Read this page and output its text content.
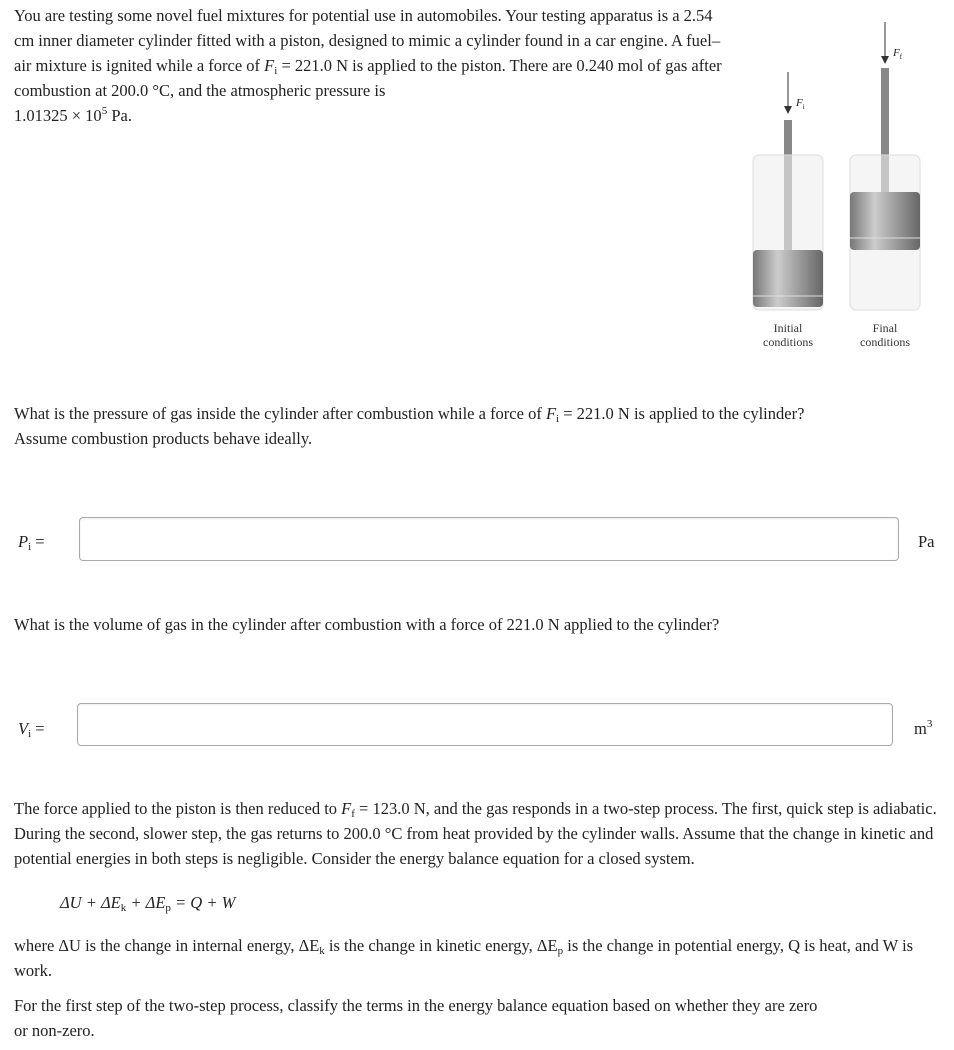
You are testing some novel fuel mixtures for potential use in automobiles. Your testing apparatus is a 2.54 cm inner diameter cylinder fitted with a piston, designed to mimic a cylinder found in a car engine. A fuel–air mixture is ignited while a force of $F_i = 221.0$ N is applied to the piston. There are 0.240 mol of gas after combustion at 200.0 °C, and the atmospheric pressure is
$1.01325 \times 10^5$ Pa.
$F_i$
$F_f$
Initial
conditions
Final
conditions
What is the pressure of gas inside the cylinder after combustion while a force of $F_i = 221.0$ N is applied to the cylinder?
Assume combustion products behave ideally.
$P_i$ =	Pa
What is the volume of gas in the cylinder after combustion with a force of 221.0 N applied to the cylinder?
$V_i$ =	$m^3$
The force applied to the piston is then reduced to $F_f = 123.0$ N, and the gas responds in a two-step process. The first, quick step is adiabatic. During the second, slower step, the gas returns to 200.0 °C from heat provided by the cylinder walls. Assume that the change in kinetic and potential energies in both steps is negligible. Consider the energy balance equation for a closed system.
$\Delta U + \Delta E_k + \Delta E_p = Q + W$
where ΔU is the change in internal energy, $\Delta E_k$ is the change in kinetic energy, $\Delta E_p$ is the change in potential energy, Q is heat, and W is work.
For the first step of the two-step process, classify the terms in the energy balance equation based on whether they are zero
or non-zero.
